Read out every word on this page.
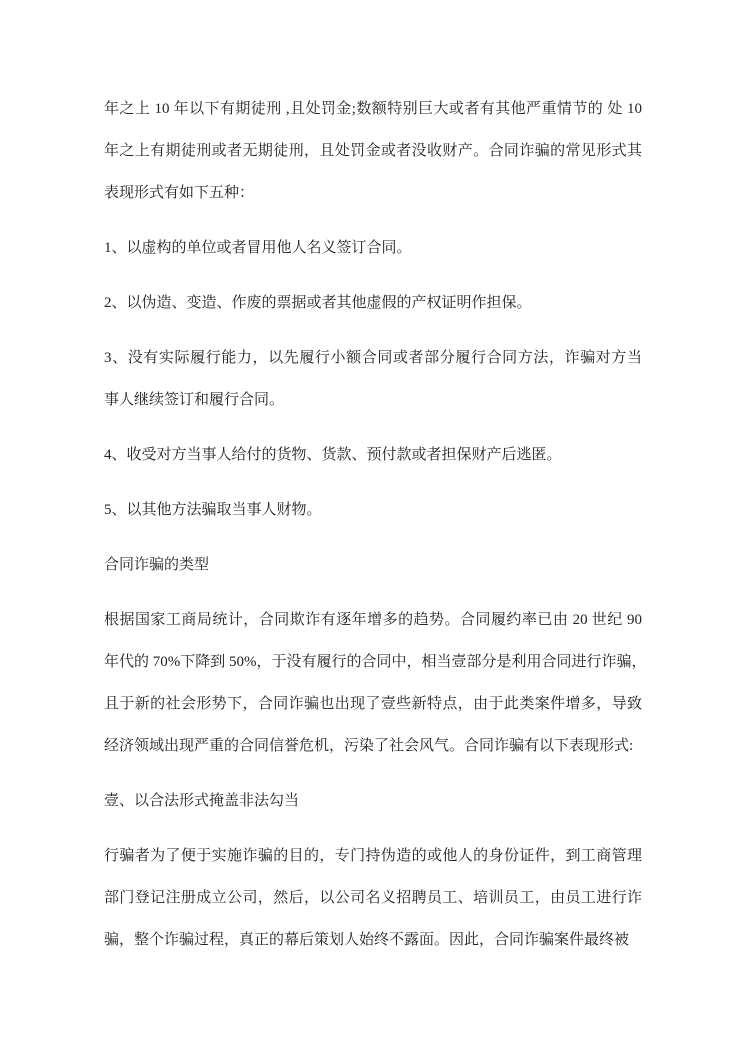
年之上 10 年以下有期徒刑 ,且处罚金;数额特别巨大或者有其他严重情节的 处 10
年之上有期徒刑或者无期徒刑，且处罚金或者没收财产。合同诈骗的常见形式其
表现形式有如下五种：
1、以虚构的单位或者冒用他人名义签订合同。
2、以伪造、变造、作废的票据或者其他虚假的产权证明作担保。
3、没有实际履行能力，以先履行小额合同或者部分履行合同方法，诈骗对方当
事人继续签订和履行合同。
4、收受对方当事人给付的货物、货款、预付款或者担保财产后逃匿。
5、以其他方法骗取当事人财物。
合同诈骗的类型
根据国家工商局统计，合同欺诈有逐年增多的趋势。合同履约率已由 20 世纪 90
年代的 70%下降到 50%，于没有履行的合同中，相当壹部分是利用合同进行诈骗，
且于新的社会形势下，合同诈骗也出现了壹些新特点，由于此类案件增多，导致
经济领域出现严重的合同信誉危机，污染了社会风气。合同诈骗有以下表现形式:
壹、以合法形式掩盖非法勾当
行骗者为了便于实施诈骗的目的，专门持伪造的或他人的身份证件，到工商管理
部门登记注册成立公司，然后，以公司名义招聘员工、培训员工，由员工进行诈
骗，整个诈骗过程，真正的幕后策划人始终不露面。因此，合同诈骗案件最终被
